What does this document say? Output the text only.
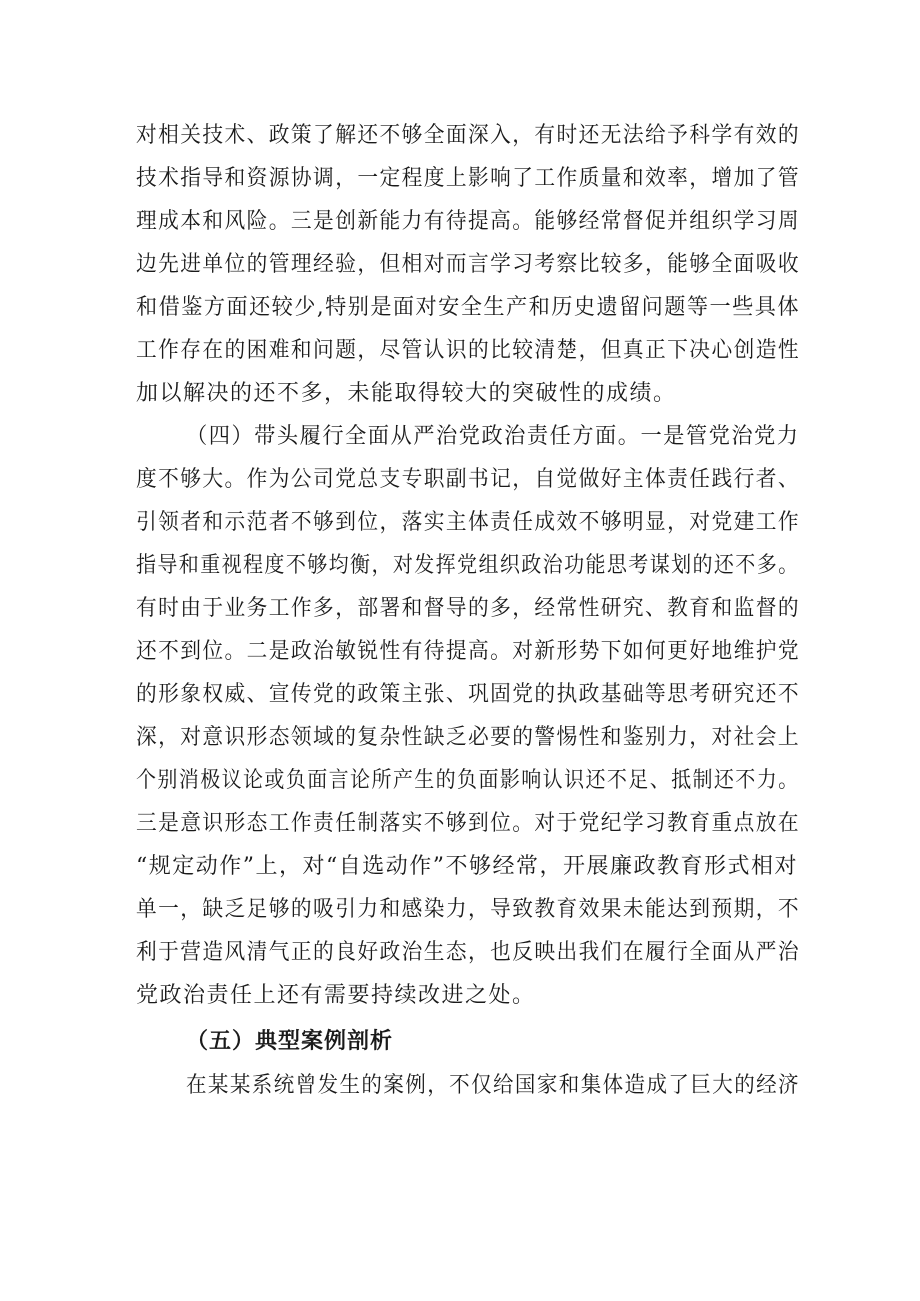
对相关技术、政策了解还不够全面深入，有时还无法给予科学有效的
技术指导和资源协调，一定程度上影响了工作质量和效率，增加了管
理成本和风险。三是创新能力有待提高。能够经常督促并组织学习周
边先进单位的管理经验，但相对而言学习考察比较多，能够全面吸收
和借鉴方面还较少,特别是面对安全生产和历史遗留问题等一些具体
工作存在的困难和问题，尽管认识的比较清楚，但真正下决心创造性
加以解决的还不多，未能取得较大的突破性的成绩。
（四）带头履行全面从严治党政治责任方面。一是管党治党力
度不够大。作为公司党总支专职副书记，自觉做好主体责任践行者、
引领者和示范者不够到位，落实主体责任成效不够明显，对党建工作
指导和重视程度不够均衡，对发挥党组织政治功能思考谋划的还不多。
有时由于业务工作多，部署和督导的多，经常性研究、教育和监督的
还不到位。二是政治敏锐性有待提高。对新形势下如何更好地维护党
的形象权威、宣传党的政策主张、巩固党的执政基础等思考研究还不
深，对意识形态领域的复杂性缺乏必要的警惕性和鉴别力，对社会上
个别消极议论或负面言论所产生的负面影响认识还不足、抵制还不力。
三是意识形态工作责任制落实不够到位。对于党纪学习教育重点放在
“规定动作”上，对“自选动作”不够经常，开展廉政教育形式相对
单一，缺乏足够的吸引力和感染力，导致教育效果未能达到预期，不
利于营造风清气正的良好政治生态，也反映出我们在履行全面从严治
党政治责任上还有需要持续改进之处。
（五）典型案例剖析
在某某系统曾发生的案例，不仅给国家和集体造成了巨大的经济
